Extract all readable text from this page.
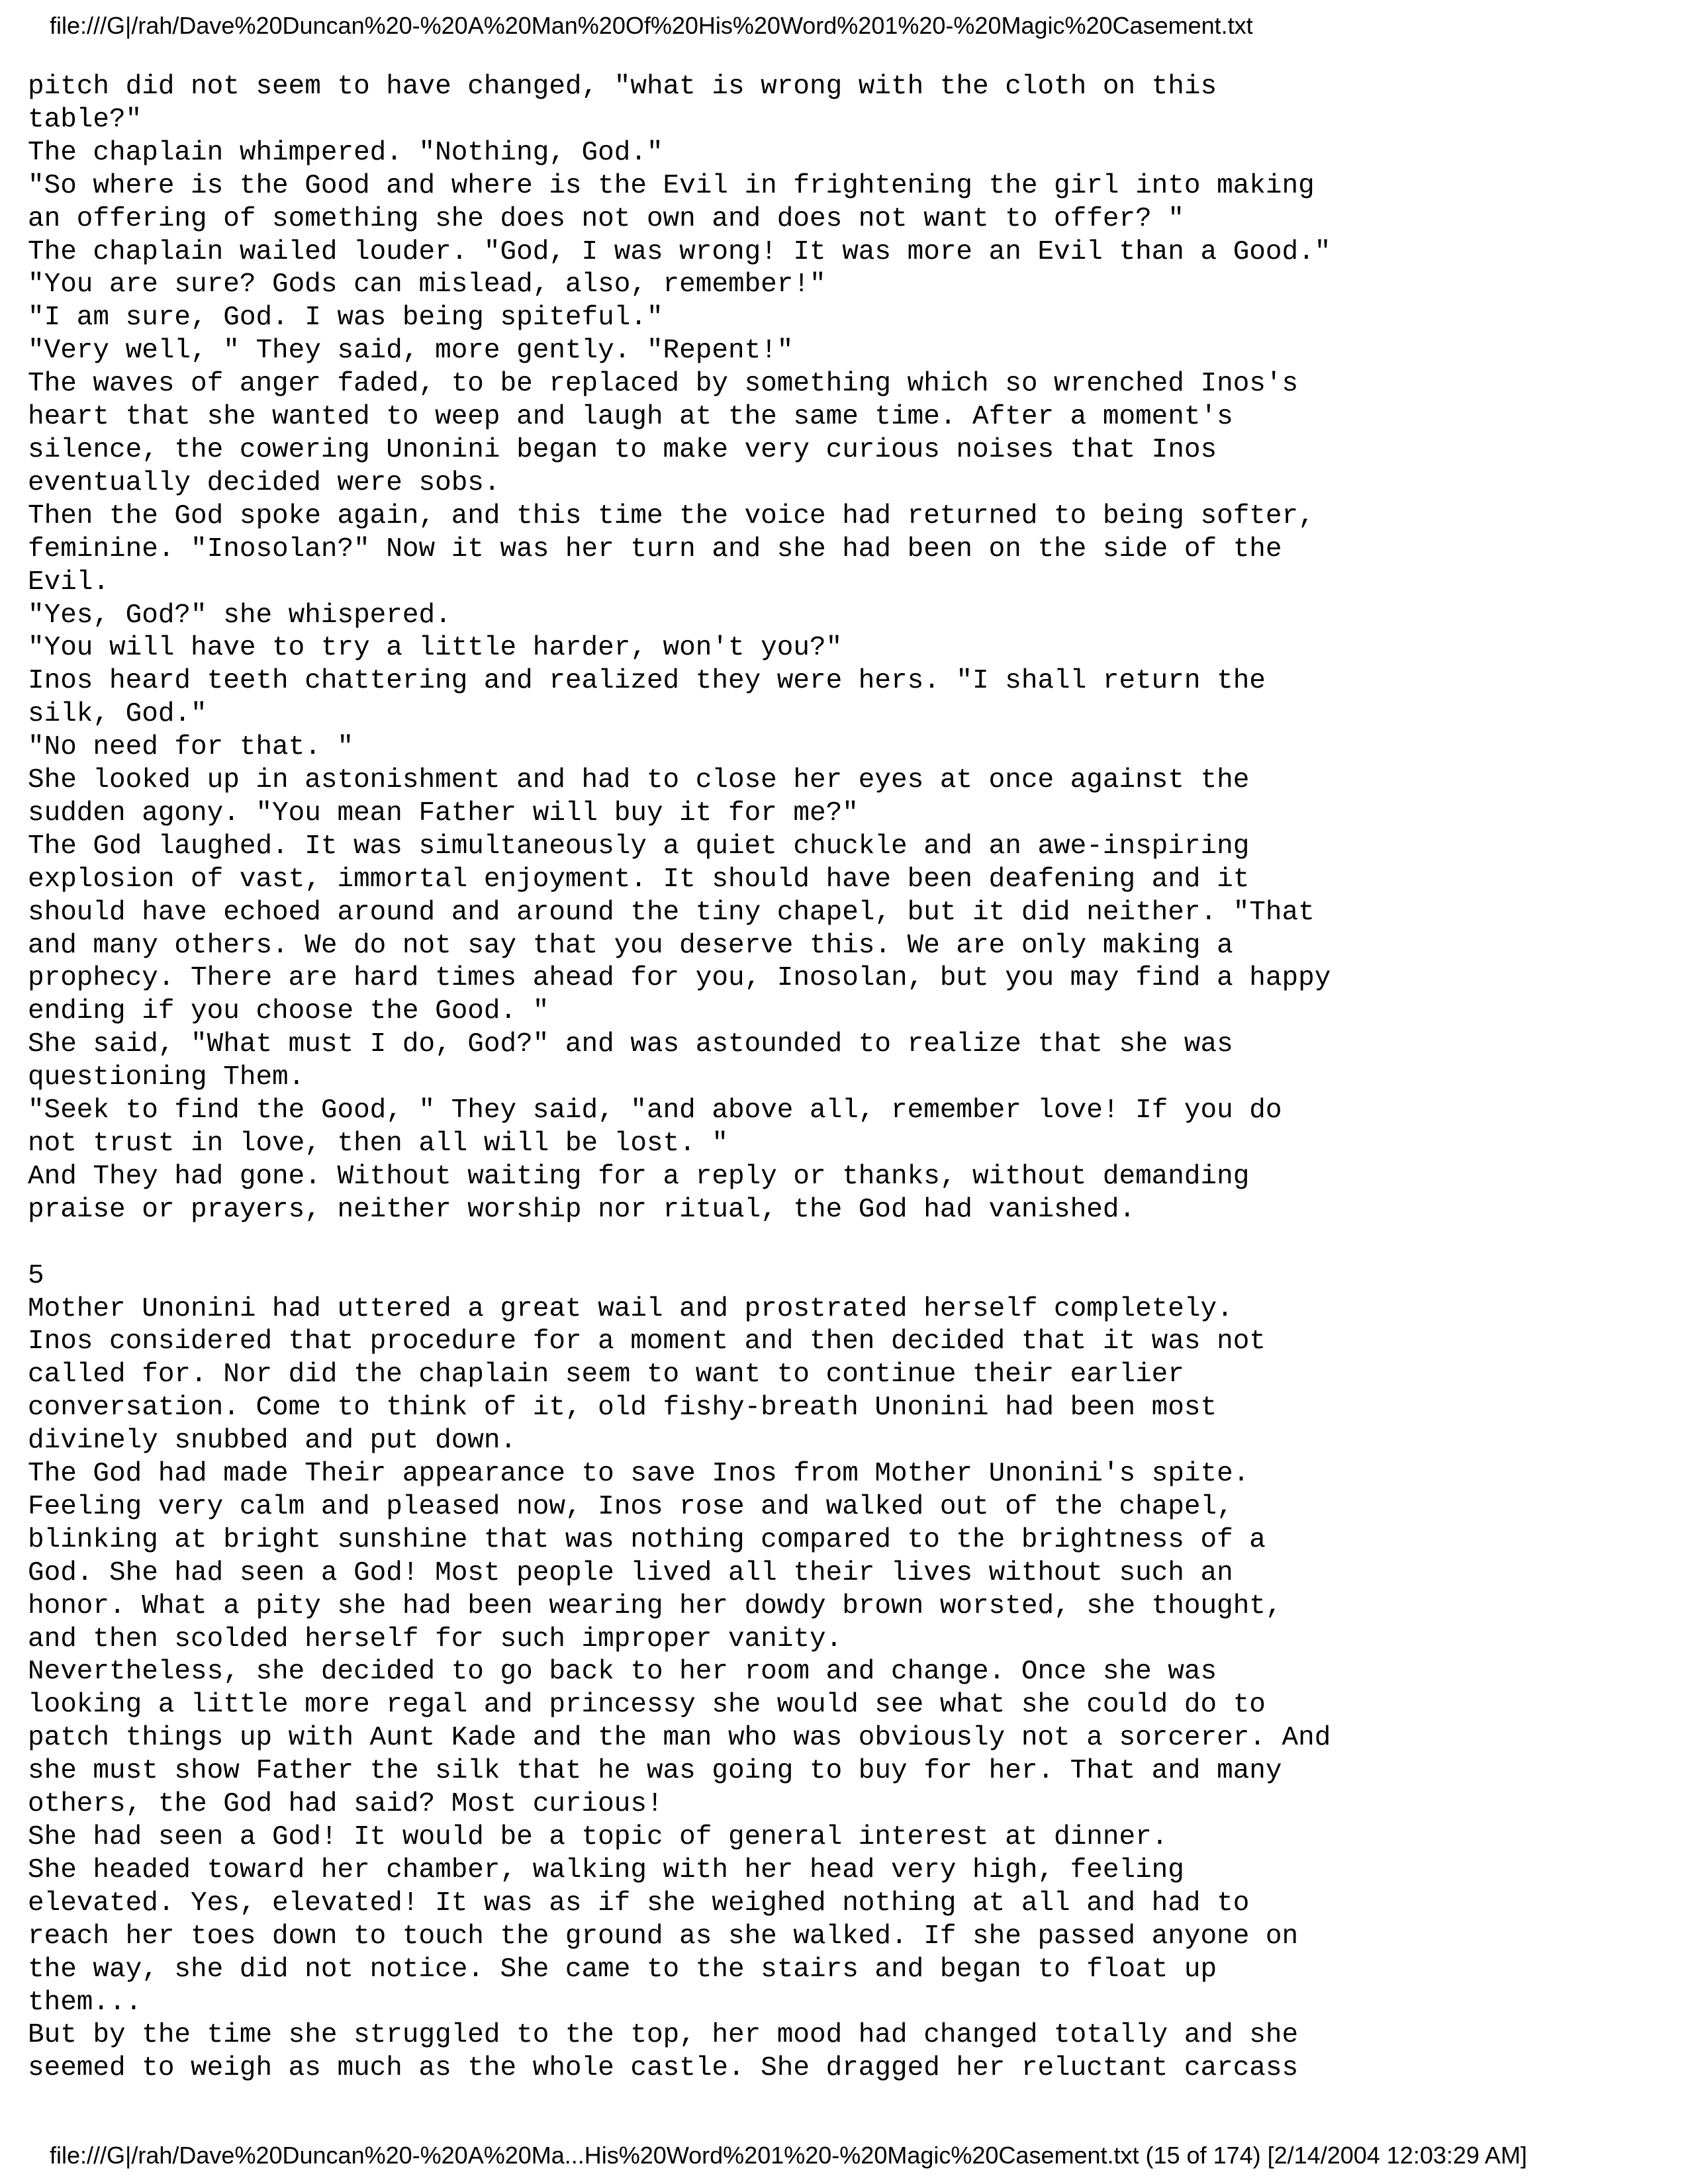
file:///G|/rah/Dave%20Duncan%20-%20A%20Man%20Of%20His%20Word%201%20-%20Magic%20Casement.txt
pitch did not seem to have changed, "what is wrong with the cloth on this
table?"
The chaplain whimpered. "Nothing, God."
"So where is the Good and where is the Evil in frightening the girl into making
an offering of something she does not own and does not want to offer? "
The chaplain wailed louder. "God, I was wrong! It was more an Evil than a Good."
"You are sure? Gods can mislead, also, remember!"
"I am sure, God. I was being spiteful."
"Very well, " They said, more gently. "Repent!"
The waves of anger faded, to be replaced by something which so wrenched Inos's
heart that she wanted to weep and laugh at the same time. After a moment's
silence, the cowering Unonini began to make very curious noises that Inos
eventually decided were sobs.
Then the God spoke again, and this time the voice had returned to being softer,
feminine. "Inosolan?" Now it was her turn and she had been on the side of the
Evil.
"Yes, God?" she whispered.
"You will have to try a little harder, won't you?"
Inos heard teeth chattering and realized they were hers. "I shall return the
silk, God."
"No need for that. "
She looked up in astonishment and had to close her eyes at once against the
sudden agony. "You mean Father will buy it for me?"
The God laughed. It was simultaneously a quiet chuckle and an awe-inspiring
explosion of vast, immortal enjoyment. It should have been deafening and it
should have echoed around and around the tiny chapel, but it did neither. "That
and many others. We do not say that you deserve this. We are only making a
prophecy. There are hard times ahead for you, Inosolan, but you may find a happy
ending if you choose the Good. "
She said, "What must I do, God?" and was astounded to realize that she was
questioning Them.
"Seek to find the Good, " They said, "and above all, remember love! If you do
not trust in love, then all will be lost. "
And They had gone. Without waiting for a reply or thanks, without demanding
praise or prayers, neither worship nor ritual, the God had vanished.
5
Mother Unonini had uttered a great wail and prostrated herself completely.
Inos considered that procedure for a moment and then decided that it was not
called for. Nor did the chaplain seem to want to continue their earlier
conversation. Come to think of it, old fishy-breath Unonini had been most
divinely snubbed and put down.
The God had made Their appearance to save Inos from Mother Unonini's spite.
Feeling very calm and pleased now, Inos rose and walked out of the chapel,
blinking at bright sunshine that was nothing compared to the brightness of a
God. She had seen a God! Most people lived all their lives without such an
honor. What a pity she had been wearing her dowdy brown worsted, she thought,
and then scolded herself for such improper vanity.
Nevertheless, she decided to go back to her room and change. Once she was
looking a little more regal and princessy she would see what she could do to
patch things up with Aunt Kade and the man who was obviously not a sorcerer. And
she must show Father the silk that he was going to buy for her. That and many
others, the God had said? Most curious!
She had seen a God! It would be a topic of general interest at dinner.
She headed toward her chamber, walking with her head very high, feeling
elevated. Yes, elevated! It was as if she weighed nothing at all and had to
reach her toes down to touch the ground as she walked. If she passed anyone on
the way, she did not notice. She came to the stairs and began to float up
them...
But by the time she struggled to the top, her mood had changed totally and she
seemed to weigh as much as the whole castle. She dragged her reluctant carcass
file:///G|/rah/Dave%20Duncan%20-%20A%20Ma...His%20Word%201%20-%20Magic%20Casement.txt (15 of 174) [2/14/2004 12:03:29 AM]
